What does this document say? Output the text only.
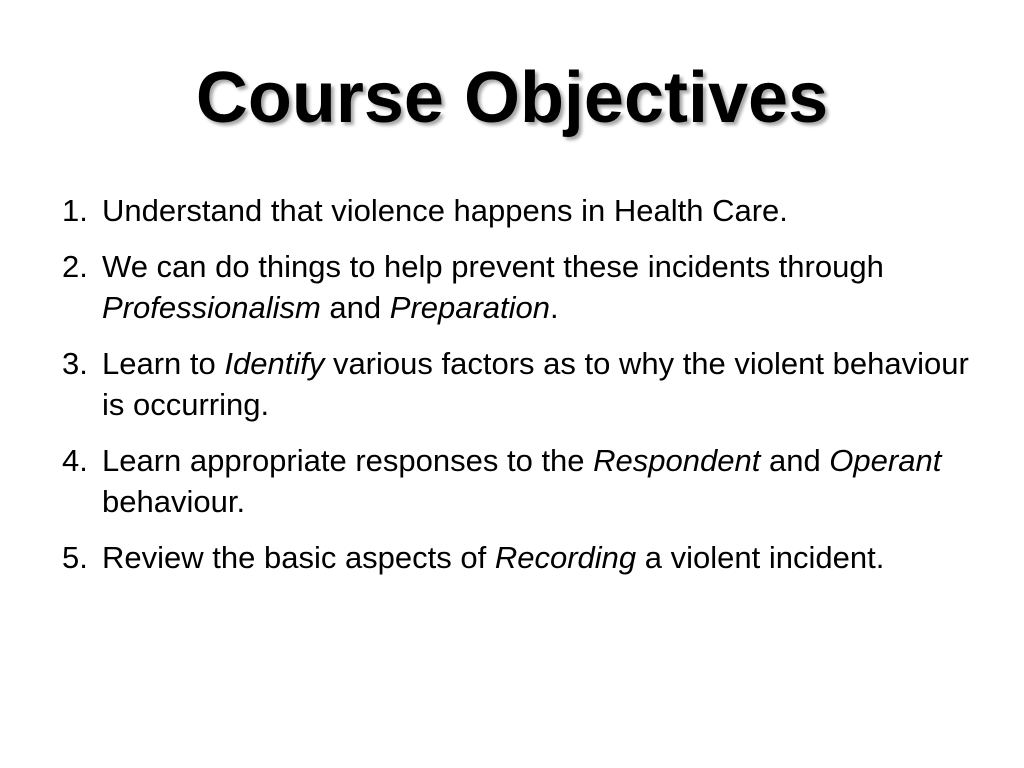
Course Objectives
1. Understand that violence happens in Health Care.
2. We can do things to help prevent these incidents through Professionalism and Preparation.
3. Learn to Identify various factors as to why the violent behaviour is occurring.
4. Learn appropriate responses to the Respondent and Operant behaviour.
5. Review the basic aspects of Recording a violent incident.
